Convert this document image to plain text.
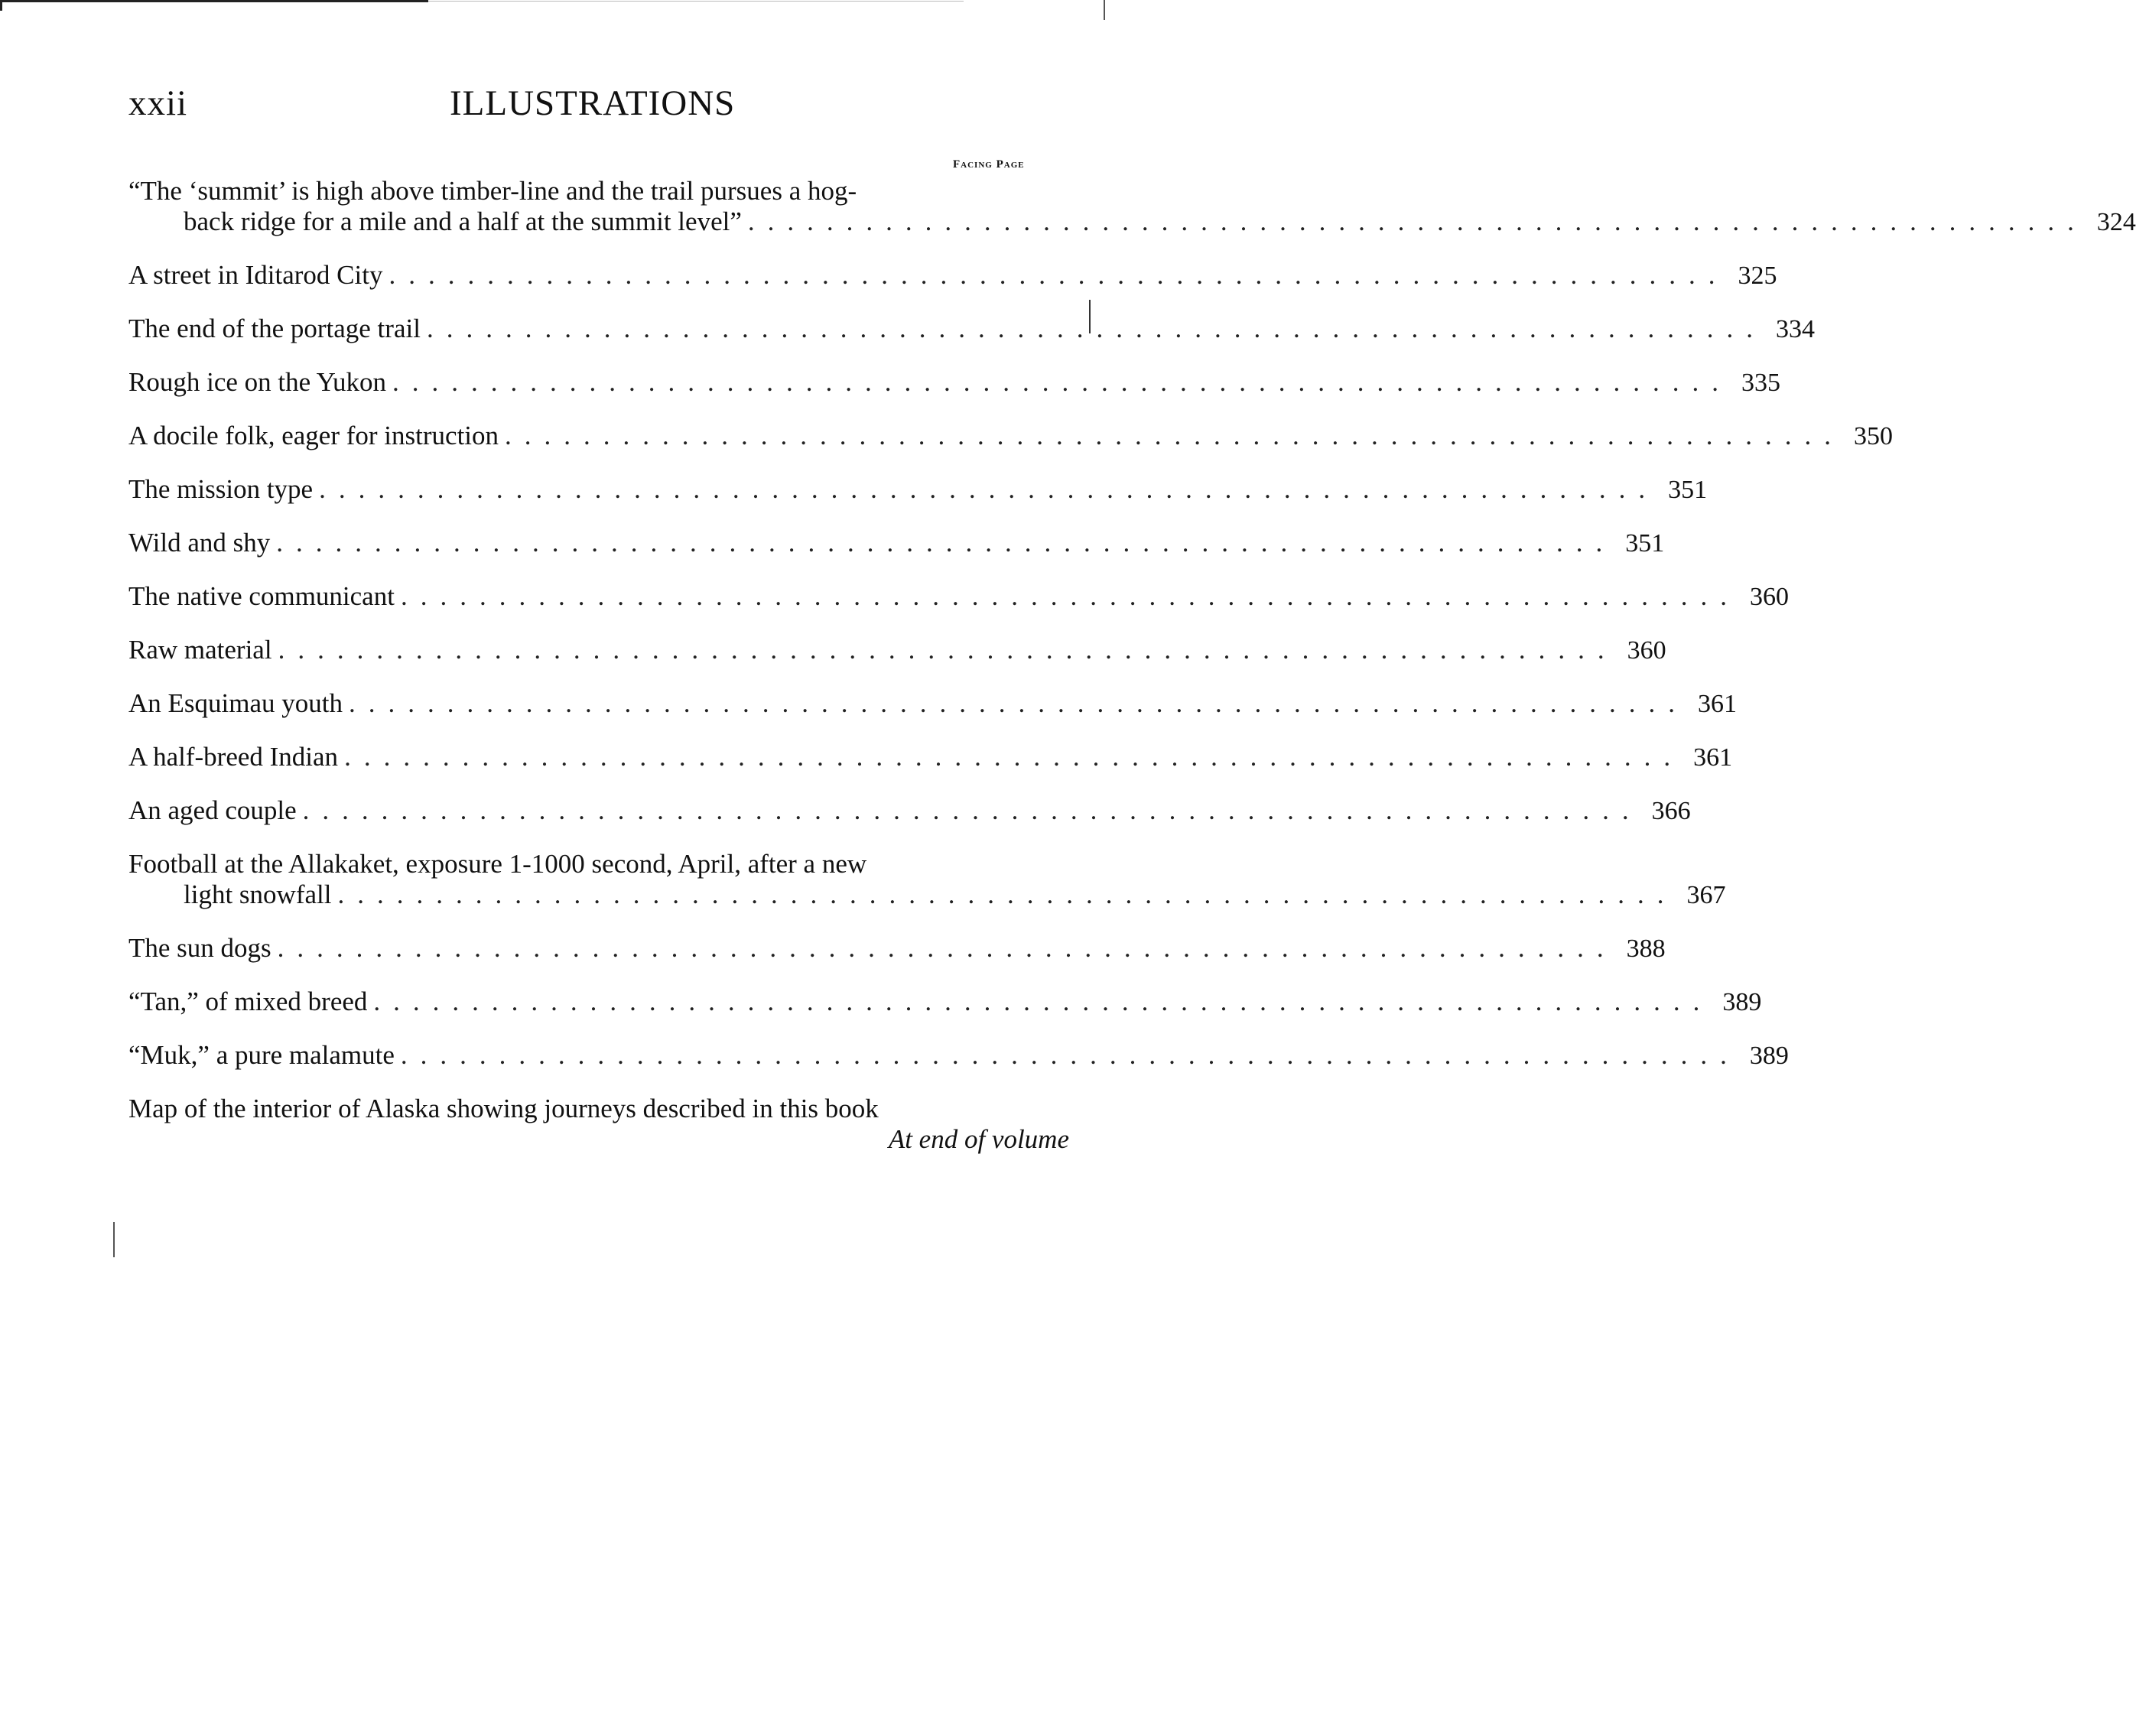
xxii	ILLUSTRATIONS
Facing Page
“The ‘summit’ is high above timber-line and the trail pursues a hog-
back ridge for a mile and a half at the summit level” .................................................................... 324
A street in Iditarod City .................................................................... 325
The end of the portage trail .................................................................... 334
Rough ice on the Yukon .................................................................... 335
A docile folk, eager for instruction .................................................................... 350
The mission type .................................................................... 351
Wild and shy .................................................................... 351
The native communicant .................................................................... 360
Raw material .................................................................... 360
An Esquimau youth .................................................................... 361
A half-breed Indian .................................................................... 361
An aged couple .................................................................... 366
Football at the Allakaket, exposure 1-1000 second, April, after a new
light snowfall .................................................................... 367
The sun dogs .................................................................... 388
“Tan,” of mixed breed .................................................................... 389
“Muk,” a pure malamute .................................................................... 389
Map of the interior of Alaska showing journeys described in this book
At end of volume
